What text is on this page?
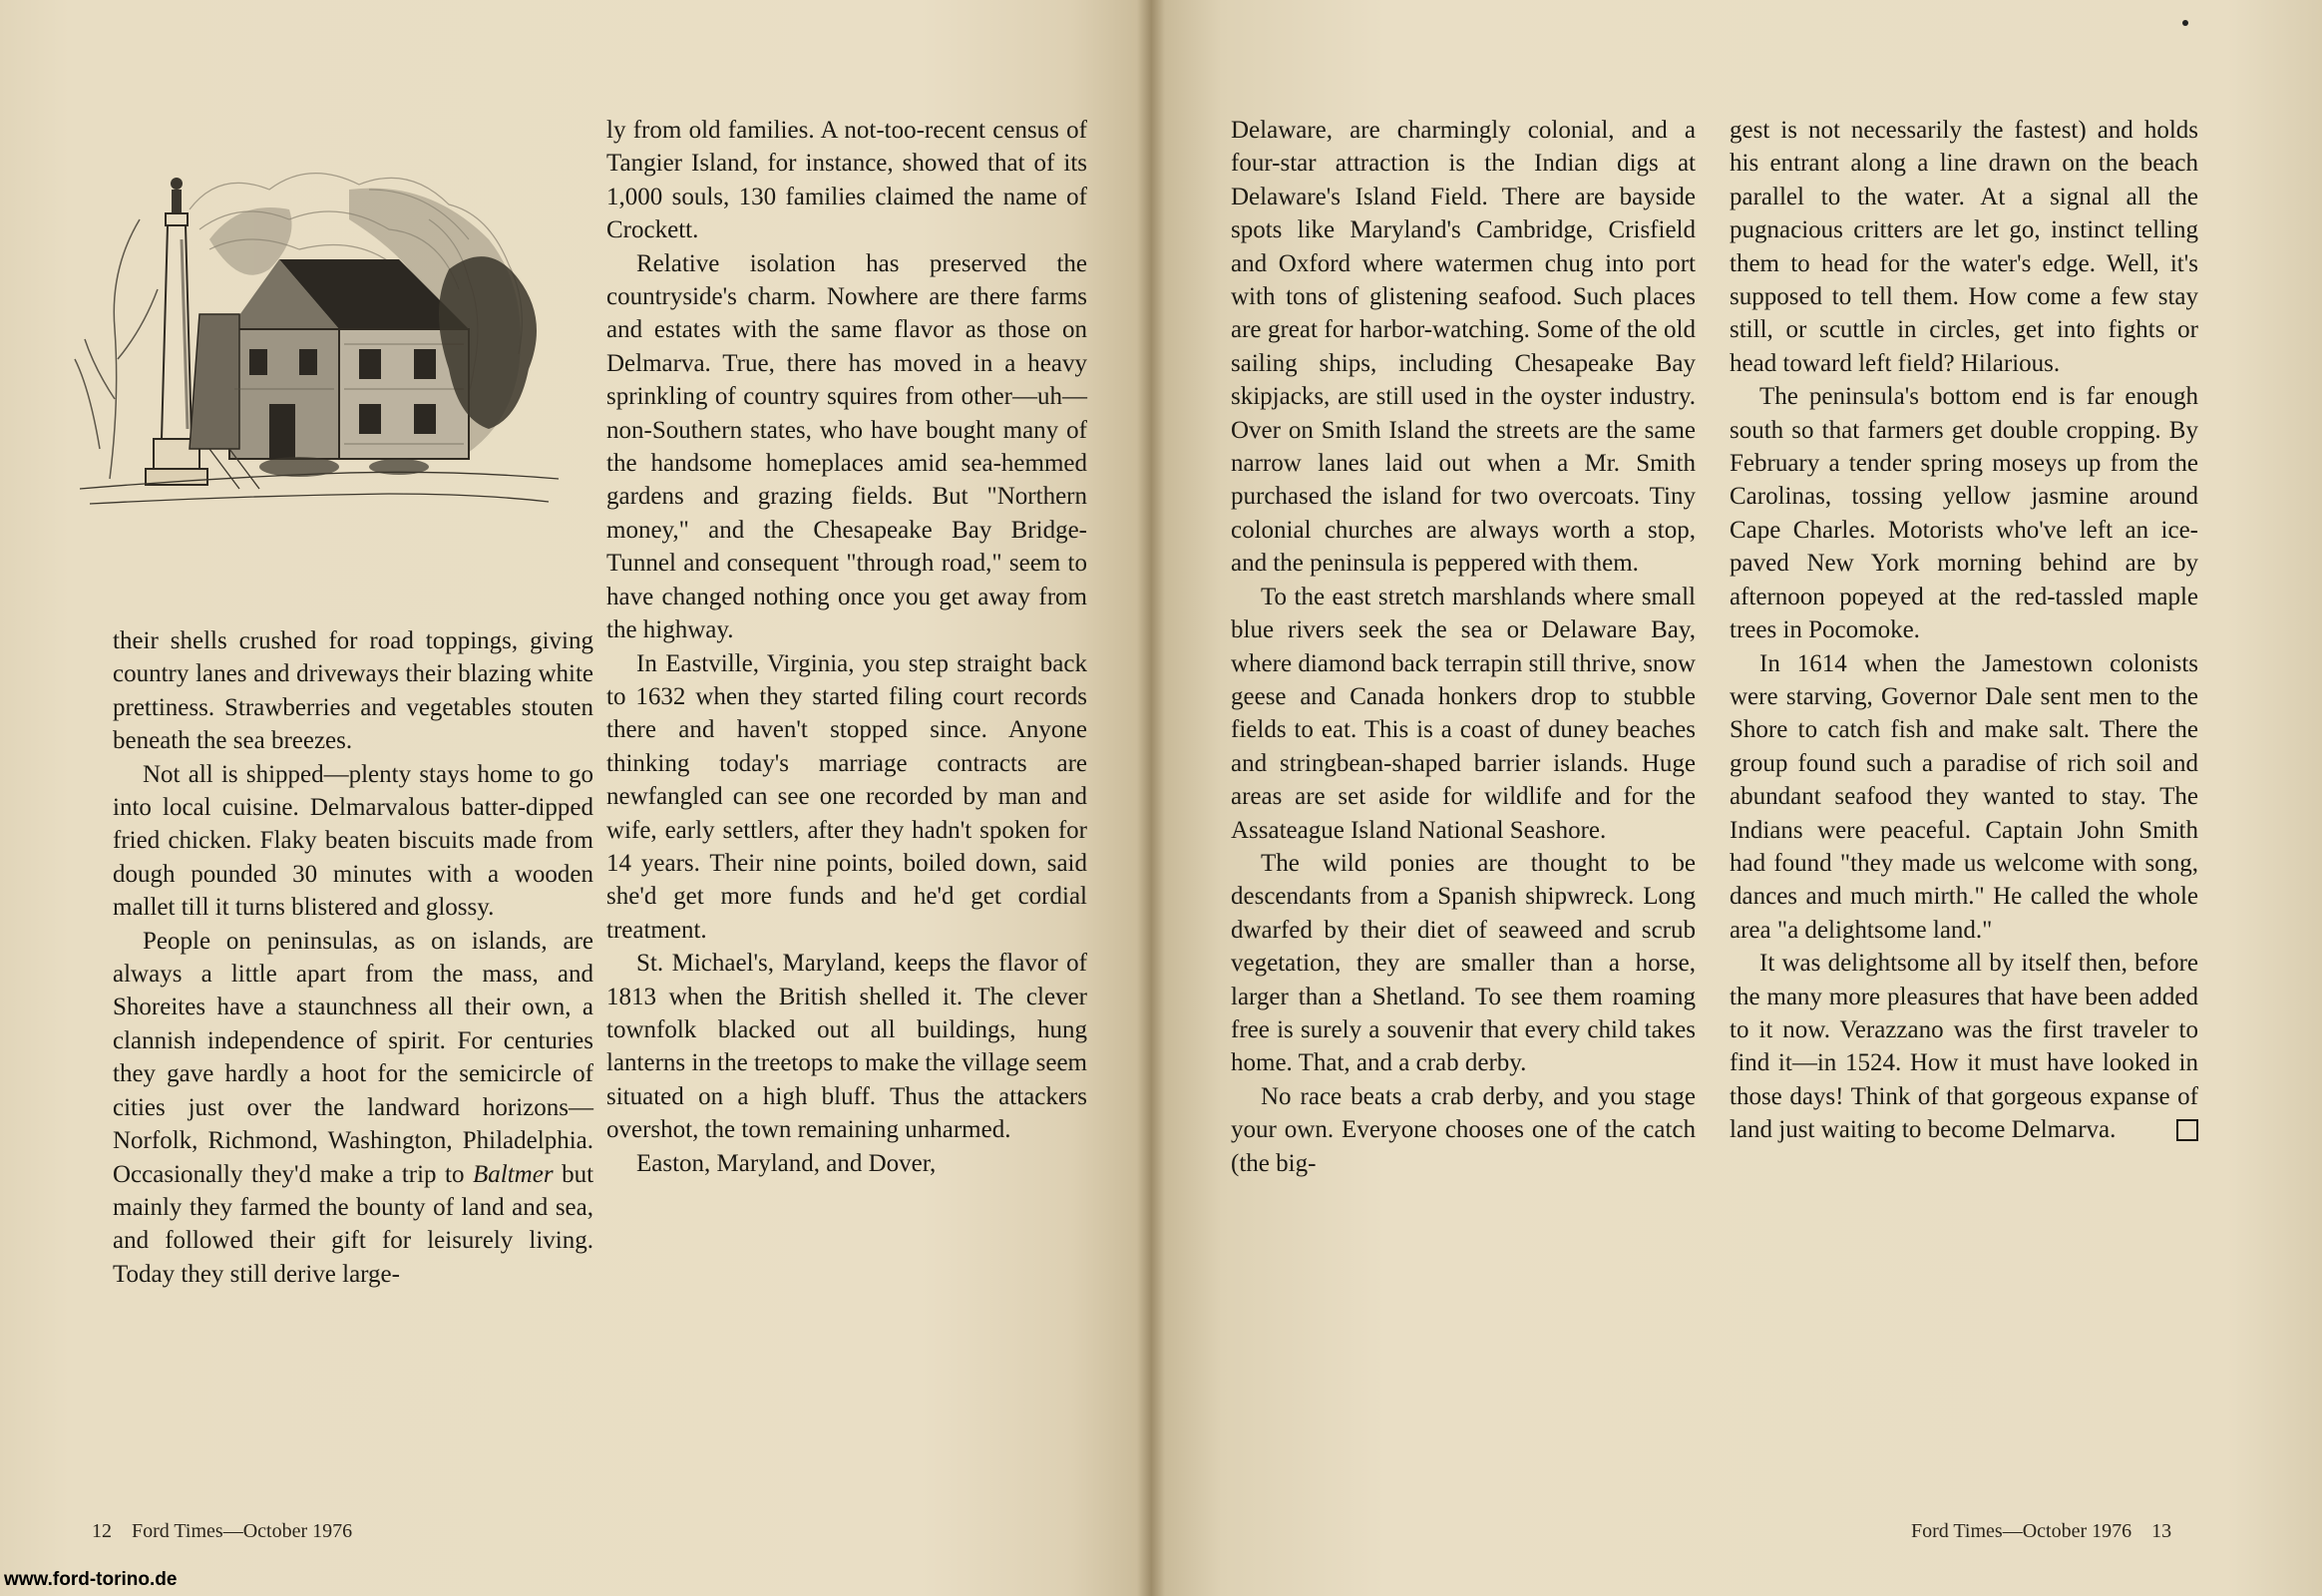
their shells crushed for road toppings, giving country lanes and driveways their blazing white prettiness. Strawberries and vegetables stouten beneath the sea breezes.

Not all is shipped—plenty stays home to go into local cuisine. Delmarvalous batter-dipped fried chicken. Flaky beaten biscuits made from dough pounded 30 minutes with a wooden mallet till it turns blistered and glossy.

People on peninsulas, as on islands, are always a little apart from the mass, and Shoreites have a staunchness all their own, a clannish independence of spirit. For centuries they gave hardly a hoot for the semicircle of cities just over the landward horizons—Norfolk, Richmond, Washington, Philadelphia. Occasionally they'd make a trip to Baltmer but mainly they farmed the bounty of land and sea, and followed their gift for leisurely living. Today they still derive large-

ly from old families. A not-too-recent census of Tangier Island, for instance, showed that of its 1,000 souls, 130 families claimed the name of Crockett.

Relative isolation has preserved the countryside's charm. Nowhere are there farms and estates with the same flavor as those on Delmarva. True, there has moved in a heavy sprinkling of country squires from other—uh—non-Southern states, who have bought many of the handsome homeplaces amid sea-hemmed gardens and grazing fields. But "Northern money," and the Chesapeake Bay Bridge-Tunnel and consequent "through road," seem to have changed nothing once you get away from the highway.

In Eastville, Virginia, you step straight back to 1632 when they started filing court records there and haven't stopped since. Anyone thinking today's marriage contracts are newfangled can see one recorded by man and wife, early settlers, after they hadn't spoken for 14 years. Their nine points, boiled down, said she'd get more funds and he'd get cordial treatment.

St. Michael's, Maryland, keeps the flavor of 1813 when the British shelled it. The clever townfolk blacked out all buildings, hung lanterns in the treetops to make the village seem situated on a high bluff. Thus the attackers overshot, the town remaining unharmed.

Easton, Maryland, and Dover,

12 Ford Times—October 1976

Delaware, are charmingly colonial, and a four-star attraction is the Indian digs at Delaware's Island Field. There are bayside spots like Maryland's Cambridge, Crisfield and Oxford where watermen chug into port with tons of glistening seafood. Such places are great for harbor-watching. Some of the old sailing ships, including Chesapeake Bay skipjacks, are still used in the oyster industry. Over on Smith Island the streets are the same narrow lanes laid out when a Mr. Smith purchased the island for two overcoats. Tiny colonial churches are always worth a stop, and the peninsula is peppered with them.

To the east stretch marshlands where small blue rivers seek the sea or Delaware Bay, where diamond back terrapin still thrive, snow geese and Canada honkers drop to stubble fields to eat. This is a coast of duney beaches and stringbean-shaped barrier islands. Huge areas are set aside for wildlife and for the Assateague Island National Seashore.

The wild ponies are thought to be descendants from a Spanish shipwreck. Long dwarfed by their diet of seaweed and scrub vegetation, they are smaller than a horse, larger than a Shetland. To see them roaming free is surely a souvenir that every child takes home. That, and a crab derby.

No race beats a crab derby, and you stage your own. Everyone chooses one of the catch (the big-

gest is not necessarily the fastest) and holds his entrant along a line drawn on the beach parallel to the water. At a signal all the pugnacious critters are let go, instinct telling them to head for the water's edge. Well, it's supposed to tell them. How come a few stay still, or scuttle in circles, get into fights or head toward left field? Hilarious.

The peninsula's bottom end is far enough south so that farmers get double cropping. By February a tender spring moseys up from the Carolinas, tossing yellow jasmine around Cape Charles. Motorists who've left an ice-paved New York morning behind are by afternoon popeyed at the red-tassled maple trees in Pocomoke.

In 1614 when the Jamestown colonists were starving, Governor Dale sent men to the Shore to catch fish and make salt. There the group found such a paradise of rich soil and abundant seafood they wanted to stay. The Indians were peaceful. Captain John Smith had found "they made us welcome with song, dances and much mirth." He called the whole area "a delightsome land."

It was delightsome all by itself then, before the many more pleasures that have been added to it now. Verazzano was the first traveler to find it—in 1524. How it must have looked in those days! Think of that gorgeous expanse of land just waiting to become Delmarva.

Ford Times—October 1976 13
www.ford-torino.de
